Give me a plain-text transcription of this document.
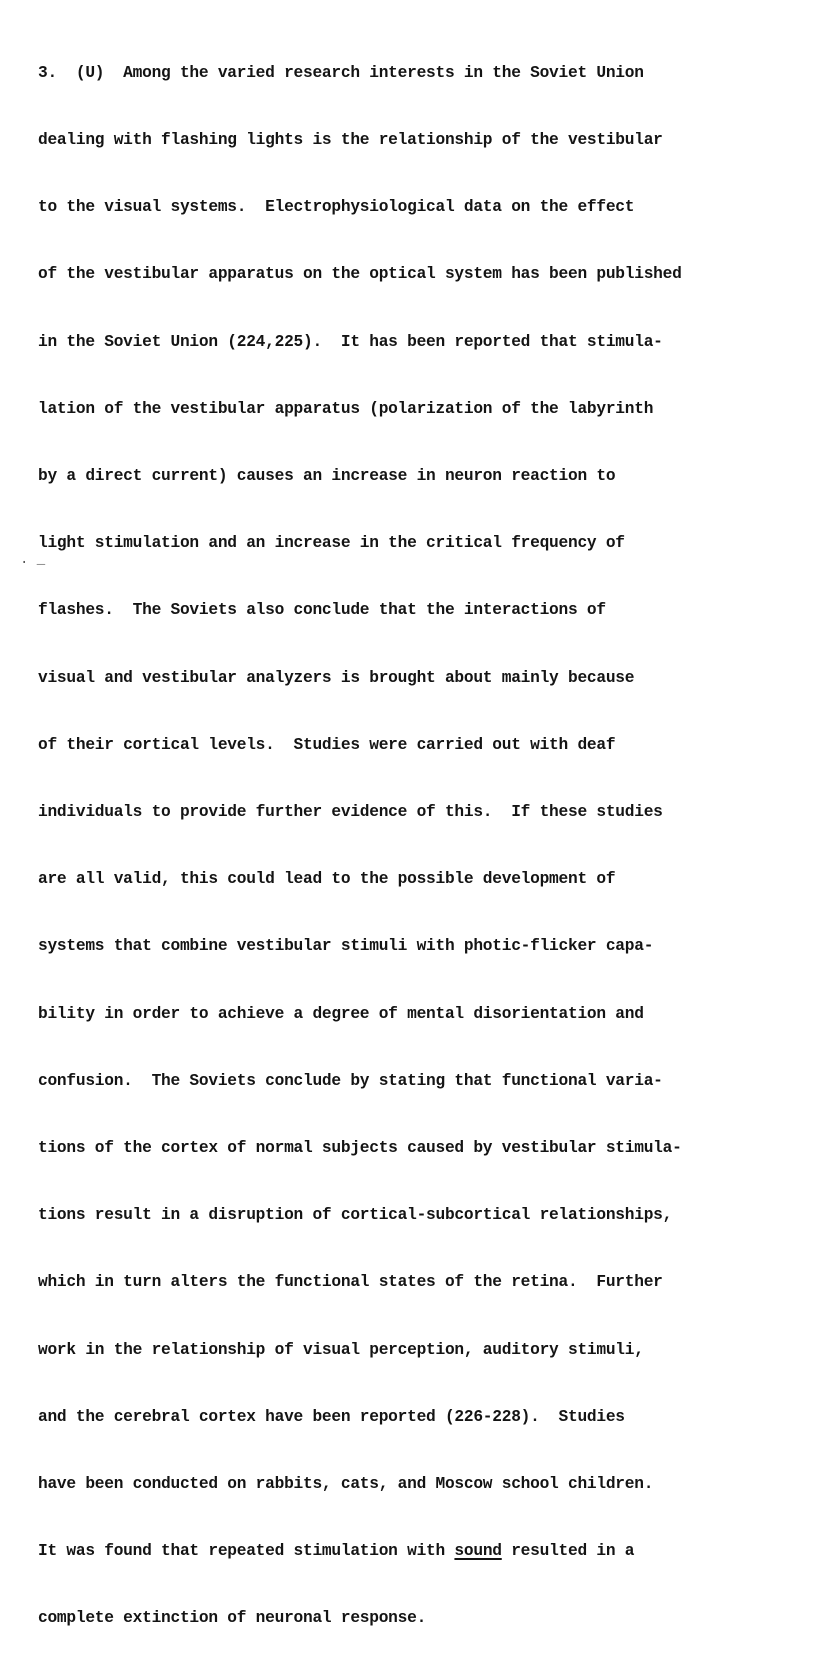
3.  (U)  Among the varied research interests in the Soviet Union

dealing with flashing lights is the relationship of the vestibular

to the visual systems.  Electrophysiological data on the effect

of the vestibular apparatus on the optical system has been published

in the Soviet Union (224,225).  It has been reported that stimula-

lation of the vestibular apparatus (polarization of the labyrinth

by a direct current) causes an increase in neuron reaction to

light stimulation and an increase in the critical frequency of

flashes.  The Soviets also conclude that the interactions of

visual and vestibular analyzers is brought about mainly because

of their cortical levels.  Studies were carried out with deaf

individuals to provide further evidence of this.  If these studies

are all valid, this could lead to the possible development of

systems that combine vestibular stimuli with photic-flicker capa-

bility in order to achieve a degree of mental disorientation and

confusion.  The Soviets conclude by stating that functional varia-

tions of the cortex of normal subjects caused by vestibular stimula-

tions result in a disruption of cortical-subcortical relationships,

which in turn alters the functional states of the retina.  Further

work in the relationship of visual perception, auditory stimuli,

and the cerebral cortex have been reported (226-228).  Studies

have been conducted on rabbits, cats, and Moscow school children.

It was found that repeated stimulation with sound resulted in a

complete extinction of neuronal response.

. _
